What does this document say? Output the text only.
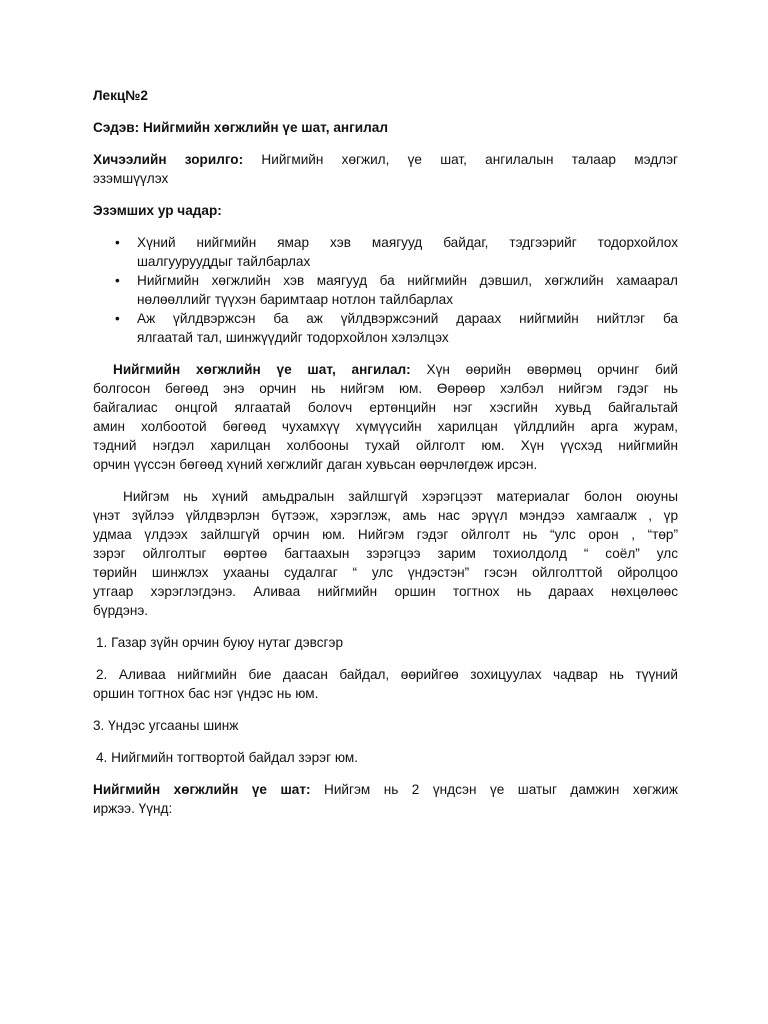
Лекц№2
Сэдэв: Нийгмийн хөгжлийн үе шат, ангилал
Хичээлийн зорилго: Нийгмийн хөгжил, үе шат, ангилалын талаар мэдлэг
эзэмшүүлэх
Эзэмших ур чадар:
• Хүний нийгмийн ямар хэв маягууд байдаг, тэдгээрийг тодорхойлох
шалгуурууддыг тайлбарлах
• Нийгмийн хөгжлийн хэв маягууд ба нийгмийн дэвшил, хөгжлийн хамаарал
нөлөөллийг түүхэн баримтаар нотлон тайлбарлах
• Аж үйлдвэржсэн ба аж үйлдвэржсэний дараах нийгмийн нийтлэг ба
ялгаатай тал, шинжүүдийг тодорхойлон хэлэлцэх
Нийгмийн хөгжлийн үе шат, ангилал: Хүн өөрийн өвөрмөц орчинг бий
болгосон бөгөөд энэ орчин нь нийгэм юм. Өөрөөр хэлбэл нийгэм гэдэг нь
байгалиас онцгой ялгаатай болovч ертөнцийн нэг хэсгийн хувьд байгальтай
амин холбоотой бөгөөд чухамхүү хүмүүсийн харилцан үйлдлийн арга журам,
тэдний нэгдэл харилцан холбооны тухай ойлголт юм. Хүн үүсхэд нийгмийн
орчин үүссэн бөгөөд хүний хөгжлийг даган хувьсан өөрчлөгдөж ирсэн.
Нийгэм нь хүний амьдралын зайлшгүй хэрэгцээт материалаг болон оюуны
үнэт зүйлээ үйлдвэрлэн бүтээж, хэрэглэж, амь нас эрүүл мэндээ хамгаалж , үр
удмаа үлдээх зайлшгүй орчин юм. Нийгэм гэдэг ойлголт нь “улс орон , “төр”
зэрэг ойлголтыг өөртөө багтаахын зэрэгцээ зарим тохиолдолд “ соёл” улс
төрийн шинжлэх ухааны судалгаг “ улс үндэстэн” гэсэн ойлголттой ойролцоо
утгаар хэрэглэгдэнэ. Аливаа нийгмийн оршин тогтнох нь дараах нөхцөлөөс
бүрдэнэ.
1. Газар зүйн орчин буюу нутаг дэвсгэр
2. Аливаа нийгмийн бие даасан байдал, өөрийгөө зохицуулах чадвар нь түүний
оршин тогтнох бас нэг үндэс нь юм.
3. Үндэс угсааны шинж
4. Нийгмийн тогтвортой байдал зэрэг юм.
Нийгмийн хөгжлийн үе шат: Нийгэм нь 2 үндсэн үе шатыг дамжин хөгжиж
иржээ. Үүнд:
